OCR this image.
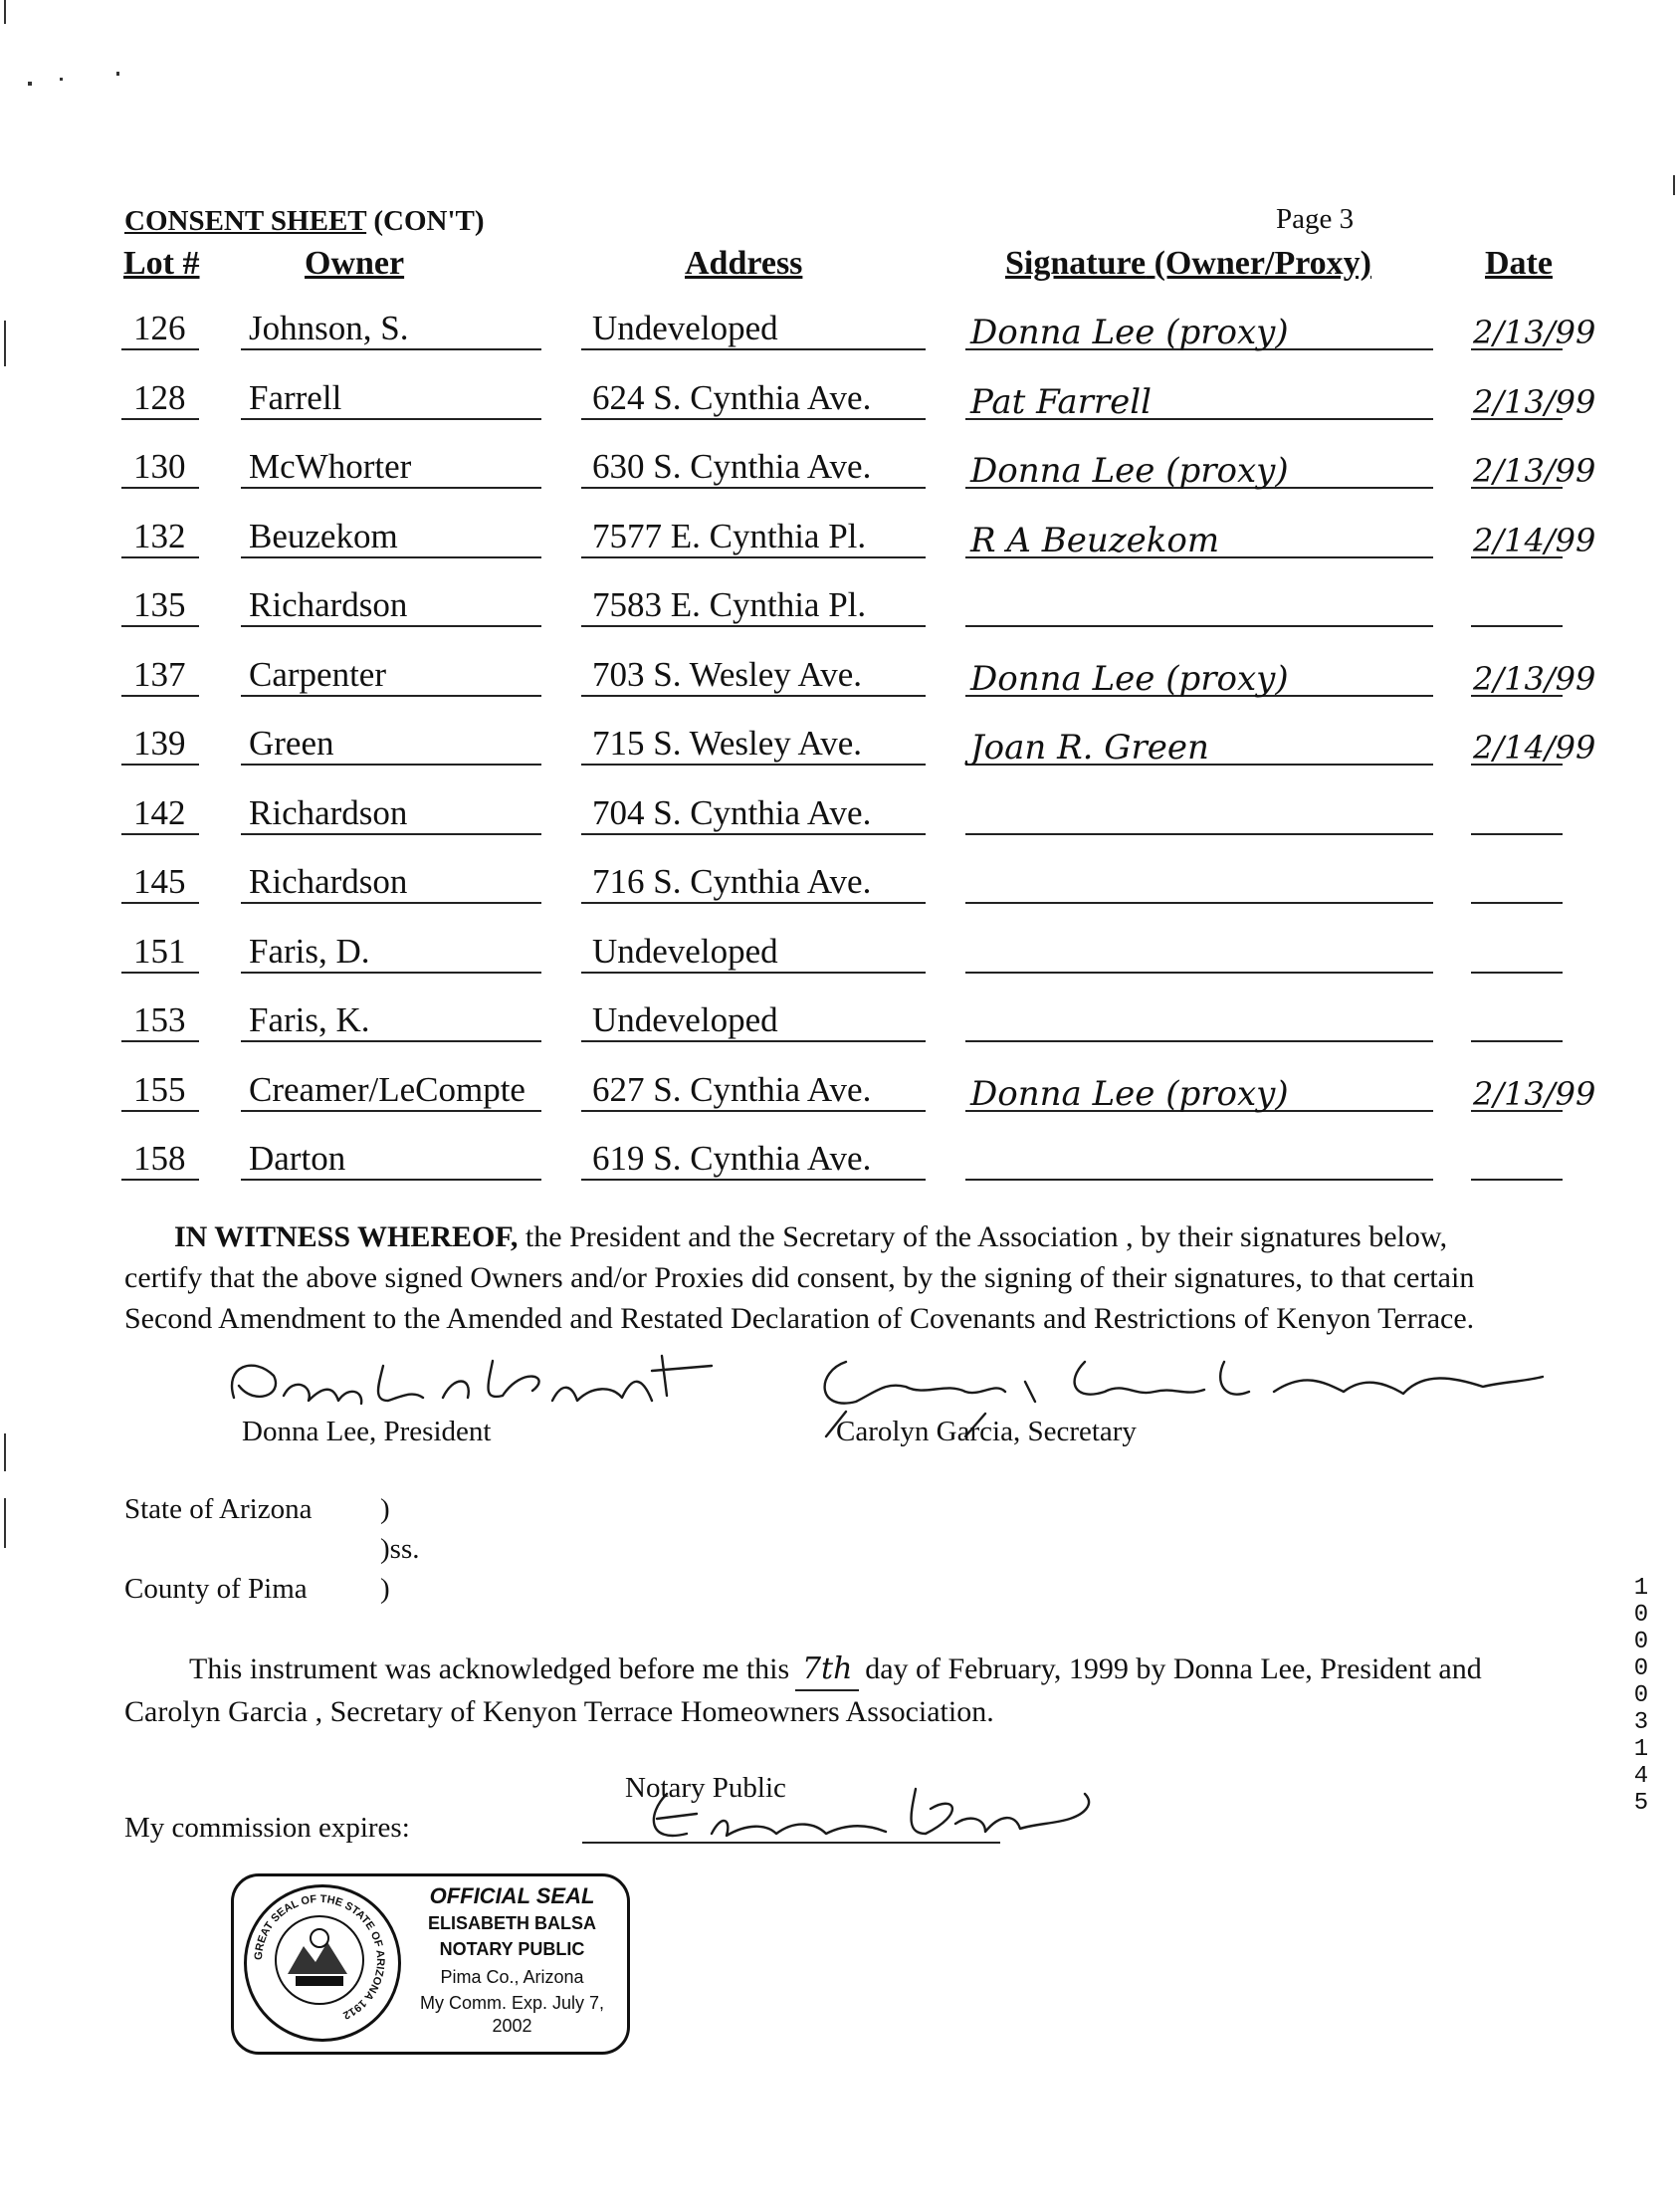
CONSENT SHEET (CON'T)	Page 3
Lot #	Owner	Address	Signature (Owner/Proxy)	Date
126 Johnson, S.	Undeveloped	Donna Lee (proxy)	2/13/99
128 Farrell	624 S. Cynthia Ave.	Pat Farrell	2/13/99
130 McWhorter	630 S. Cynthia Ave.	Donna Lee (proxy)	2/13/99
132 Beuzekom	7577 E. Cynthia Pl.	R A Beuzekom	2/14/99
135 Richardson	7583 E. Cynthia Pl.
137 Carpenter	703 S. Wesley Ave.	Donna Lee (proxy)	2/13/99
139 Green	715 S. Wesley Ave.	Joan R. Green	2/14/99
142 Richardson	704 S. Cynthia Ave.
145 Richardson	716 S. Cynthia Ave.
151 Faris, D.	Undeveloped
153 Faris, K.	Undeveloped
155 Creamer/LeCompte 627 S. Cynthia Ave.	Donna Lee (proxy)	2/13/99
158 Darton	619 S. Cynthia Ave.
IN WITNESS WHEREOF, the President and the Secretary of the Association , by their signatures below,
certify that the above signed Owners and/or Proxies did consent, by the signing of their signatures, to that certain
Second Amendment to the Amended and Restated Declaration of Covenants and Restrictions of Kenyon Terrace.
Donna Lee, President	Carolyn Garcia, Secretary
State of Arizona )
)ss.
County of Pima	)
This instrument was acknowledged before me this 7th day of February, 1999 by Donna Lee, President and
Carolyn Garcia , Secretary of Kenyon Terrace Homeowners Association.
Notary Public
My commission expires:
GREAT SEAL OF THE STATE OF ARIZONA 1912
OFFICIAL SEAL
ELISABETH BALSA
NOTARY PUBLIC
Pima Co., Arizona
My Comm. Exp. July 7, 2002
1 0 0 0 0 3 1 4 5
